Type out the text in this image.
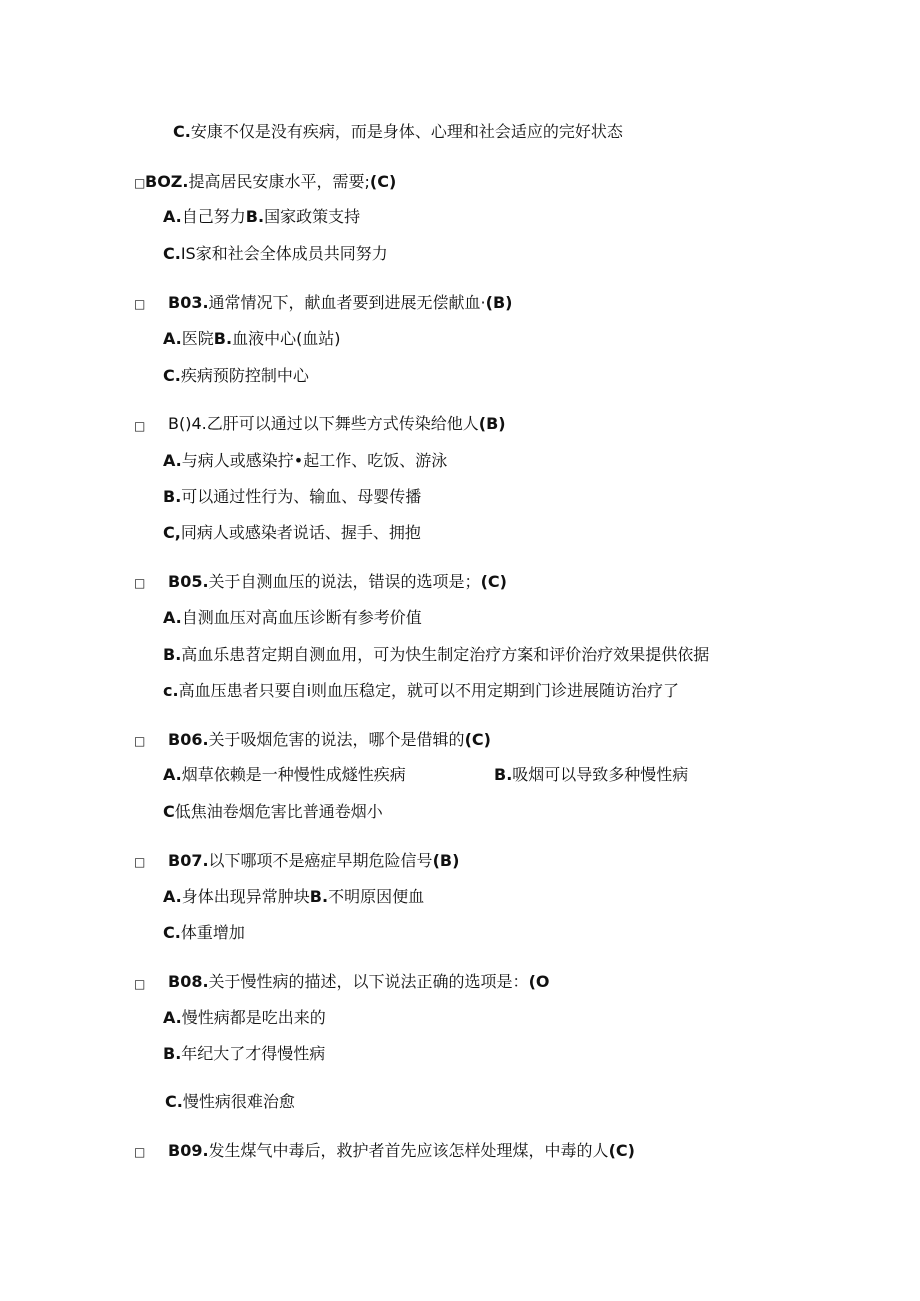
C.安康不仅是没有疾病，而是身体、心理和社会适应的完好状态
□ BOZ.提高居民安康水平，需要;(C)
A.自己努力B.国家政策支持
C.IS家和社会全体成员共同努力
□ B03.通常情况下，献血者要到进展无偿献血·(B)
A.医院B.血液中心(血站)
C.疾病预防控制中心
□ B()4.乙肝可以通过以下舞些方式传染给他人(B)
A.与病人或感染拧•起工作、吃饭、游泳
B.可以通过性行为、输血、母婴传播
C,同病人或感染者说话、握手、拥抱
□ B05.关于自测血压的说法，错误的选项是；(C)
A.自测血压对高血压诊断有参考价值
B.高血乐患苕定期自测血用，可为快生制定治疗方案和评价治疗效果提供依据
c.高血压患者只要自i则血压稳定，就可以不用定期到门诊进展随访治疗了
□ B06.关于吸烟危害的说法，哪个是借辑的(C)
A.烟草依赖是一种慢性成燧性疾病	B.吸烟可以导致多种慢性病
C低焦油卷烟危害比普通卷烟小
□ B07.以下哪项不是癌症早期危险信号(B)
A.身体出现异常肿块B.不明原因便血
C.体重增加
□ B08.关于慢性病的描述，以下说法正确的选项是：(O
A.慢性病都是吃出来的
B.年纪大了才得慢性病
C.慢性病很难治愈
□ B09.发生煤气中毒后，救护者首先应该怎样处理煤，中毒的人(C)
